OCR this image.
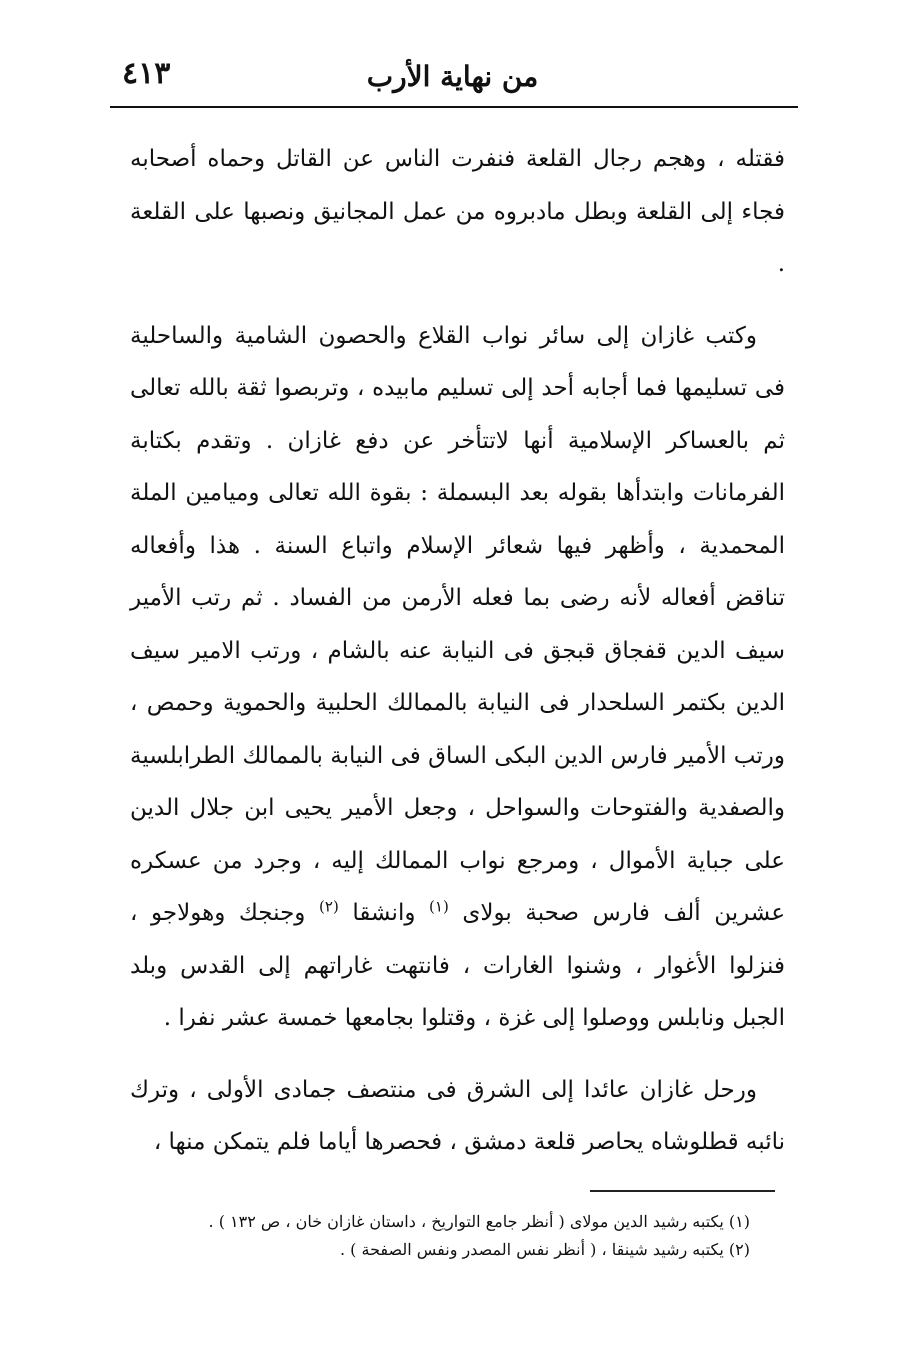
٤١٣	من نهاية الأرب

فقتله ، وهجم رجال القلعة فنفرت الناس عن القاتل وحماه أصحابه فجاء إلى القلعة وبطل مادبروه من عمل المجانيق ونصبها على القلعة .

وكتب غازان إلى سائر نواب القلاع والحصون الشامية والساحلية فى تسليمها فما أجابه أحد إلى تسليم مابيده ، وتربصوا ثقة بالله تعالى ثم بالعساكر الإسلامية أنها لاتتأخر عن دفع غازان . وتقدم بكتابة الفرمانات وابتدأها بقوله بعد البسملة : بقوة الله تعالى وميامين الملة المحمدية ، وأظهر فيها شعائر الإسلام واتباع السنة . هذا وأفعاله تناقض أفعاله لأنه رضى بما فعله الأرمن من الفساد . ثم رتب الأمير سيف الدين قفجاق قبجق فى النيابة عنه بالشام ، ورتب الامير سيف الدين بكتمر السلحدار فى النيابة بالممالك الحلبية والحموية وحمص ، ورتب الأمير فارس الدين البكى الساق فى النيابة بالممالك الطرابلسية والصفدية والفتوحات والسواحل ، وجعل الأمير يحيى ابن جلال الدين على جباية الأموال ، ومرجع نواب الممالك إليه ، وجرد من عسكره عشرين ألف فارس صحبة بولاى $^{(١)}$ وانشقا $^{(٢)}$ وجنجك وهولاجو ، فنزلوا الأغوار ، وشنوا الغارات ، فانتهت غاراتهم إلى القدس وبلد الجبل ونابلس ووصلوا إلى غزة ، وقتلوا بجامعها خمسة عشر نفرا .

ورحل غازان عائدا إلى الشرق فى منتصف جمادى الأولى ، وترك نائبه قطلوشاه يحاصر قلعة دمشق ، فحصرها أياما فلم يتمكن منها ،

(١) يكتبه رشيد الدين مولاى ( أنظر جامع التواريخ ، داستان غازان خان ، ص ١٣٢ ) .

(٢) يكتبه رشيد شينقا ، ( أنظر نفس المصدر ونفس الصفحة ) .
